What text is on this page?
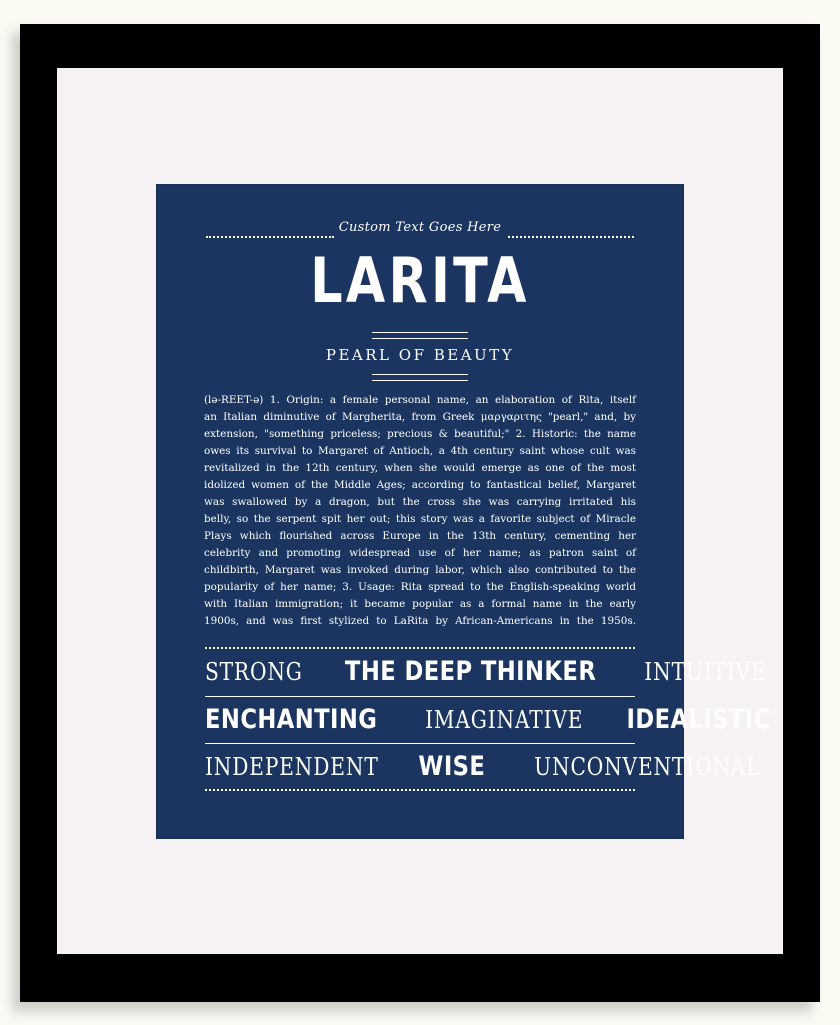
Custom Text Goes Here
LARITA
PEARL OF BEAUTY
(lə-REET-ə) 1. Origin: a female personal name, an elaboration of Rita, itself
an Italian diminutive of Margherita, from Greek μαργαριτης "pearl," and, by
extension, "something priceless; precious & beautiful;" 2. Historic: the name
owes its survival to Margaret of Antioch, a 4th century saint whose cult was
revitalized in the 12th century, when she would emerge as one of the most
idolized women of the Middle Ages; according to fantastical belief, Margaret
was swallowed by a dragon, but the cross she was carrying irritated his
belly, so the serpent spit her out; this story was a favorite subject of Miracle
Plays which flourished across Europe in the 13th century, cementing her
celebrity and promoting widespread use of her name; as patron saint of
childbirth, Margaret was invoked during labor, which also contributed to the
popularity of her name; 3. Usage: Rita spread to the English-speaking world
with Italian immigration; it became popular as a formal name in the early
1900s, and was first stylized to LaRita by African-Americans in the 1950s.
STRONG THE DEEP THINKER INTUITIVE
ENCHANTING IMAGINATIVE IDEALISTIC
INDEPENDENT WISE UNCONVENTIONAL
